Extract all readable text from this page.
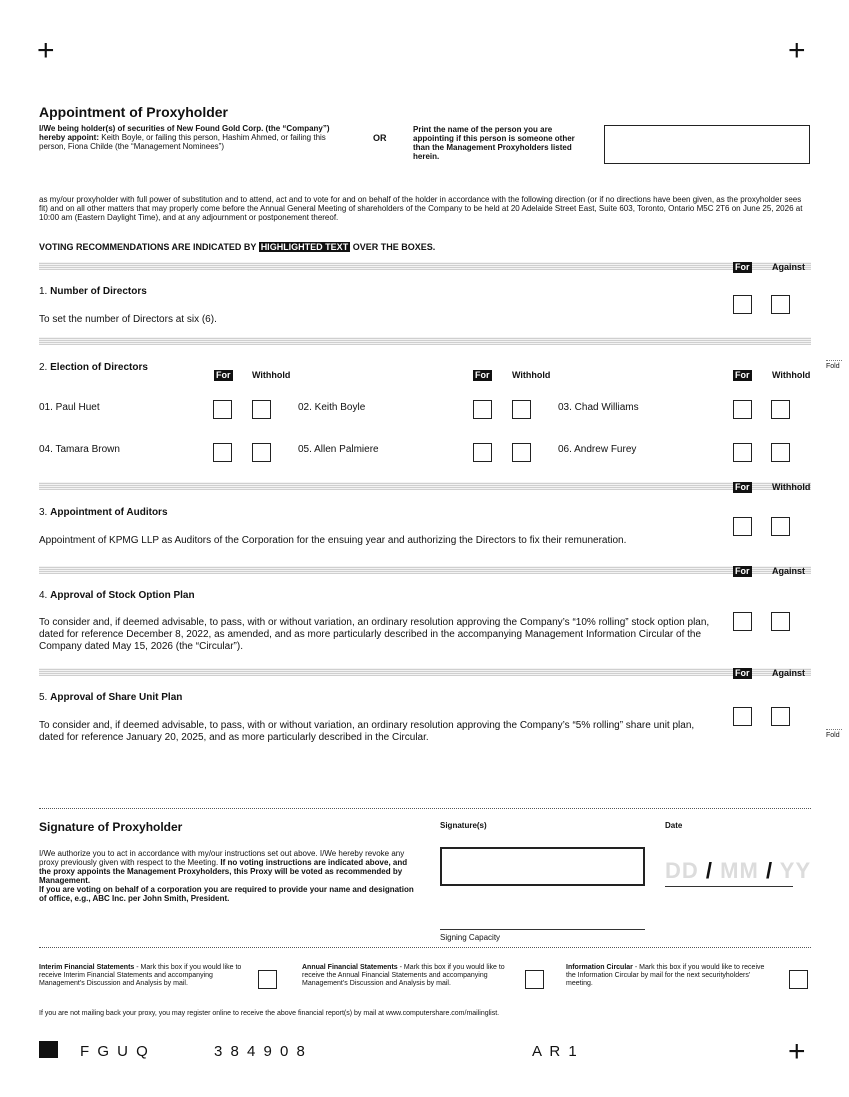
+	+
+
Appointment of Proxyholder
I/We being holder(s) of securities of New Found Gold Corp. (the “Company”) hereby appoint: Keith Boyle, or failing this person, Hashim Ahmed, or failing this person, Fiona Childe (the “Management Nominees”)
OR
Print the name of the person you are appointing if this person is someone other than the Management Proxyholders listed herein.
as my/our proxyholder with full power of substitution and to attend, act and to vote for and on behalf of the holder in accordance with the following direction (or if no directions have been given, as the proxyholder sees fit) and on all other matters that may properly come before the Annual General Meeting of shareholders of the Company to be held at 20 Adelaide Street East, Suite 603, Toronto, Ontario M5C 2T6 on June 25, 2026 at 10:00 am (Eastern Daylight Time), and at any adjournment or postponement thereof.
VOTING RECOMMENDATIONS ARE INDICATED BY HIGHLIGHTED TEXT OVER THE BOXES.
For	Against
1. Number of Directors
To set the number of Directors at six (6).
2. Election of Directors
For Withhold	For	Withhold	For	Withhold
Fold
01. Paul Huet	02. Keith Boyle	03. Chad Williams
04. Tamara Brown	05. Allen Palmiere	06. Andrew Furey
For	Withhold
3. Appointment of Auditors
Appointment of KPMG LLP as Auditors of the Corporation for the ensuing year and authorizing the Directors to fix their remuneration.
For	Against
4. Approval of Stock Option Plan
To consider and, if deemed advisable, to pass, with or without variation, an ordinary resolution approving the Company’s “10% rolling” stock option plan, dated for reference December 8, 2022, as amended, and as more particularly described in the accompanying Management Information Circular of the Company dated May 15, 2026 (the “Circular”).
For	Against
5. Approval of Share Unit Plan
To consider and, if deemed advisable, to pass, with or without variation, an ordinary resolution approving the Company’s “5% rolling” share unit plan, dated for reference January 20, 2025, and as more particularly described in the Circular.	Fold
Signature of Proxyholder	Signature(s)	Date
I/We authorize you to act in accordance with my/our instructions set out above. I/We hereby revoke any proxy previously given with respect to the Meeting. If no voting instructions are indicated above, and the proxy appoints the Management Proxyholders, this Proxy will be voted as recommended by Management.
If you are voting on behalf of a corporation you are required to provide your name and designation of office, e.g., ABC Inc. per John Smith, President.
DD / MM / YY
Signing Capacity
Interim Financial Statements - Mark this box if you would like to receive Interim Financial Statements and accompanying Management’s Discussion and Analysis by mail.
Annual Financial Statements - Mark this box if you would like to receive the Annual Financial Statements and accompanying Management’s Discussion and Analysis by mail.
Information Circular - Mark this box if you would like to receive the Information Circular by mail for the next securityholders’ meeting.
If you are not mailing back your proxy, you may register online to receive the above financial report(s) by mail at www.computershare.com/mailinglist.
F G U Q	3 8 4 9 0 8	A R 1
